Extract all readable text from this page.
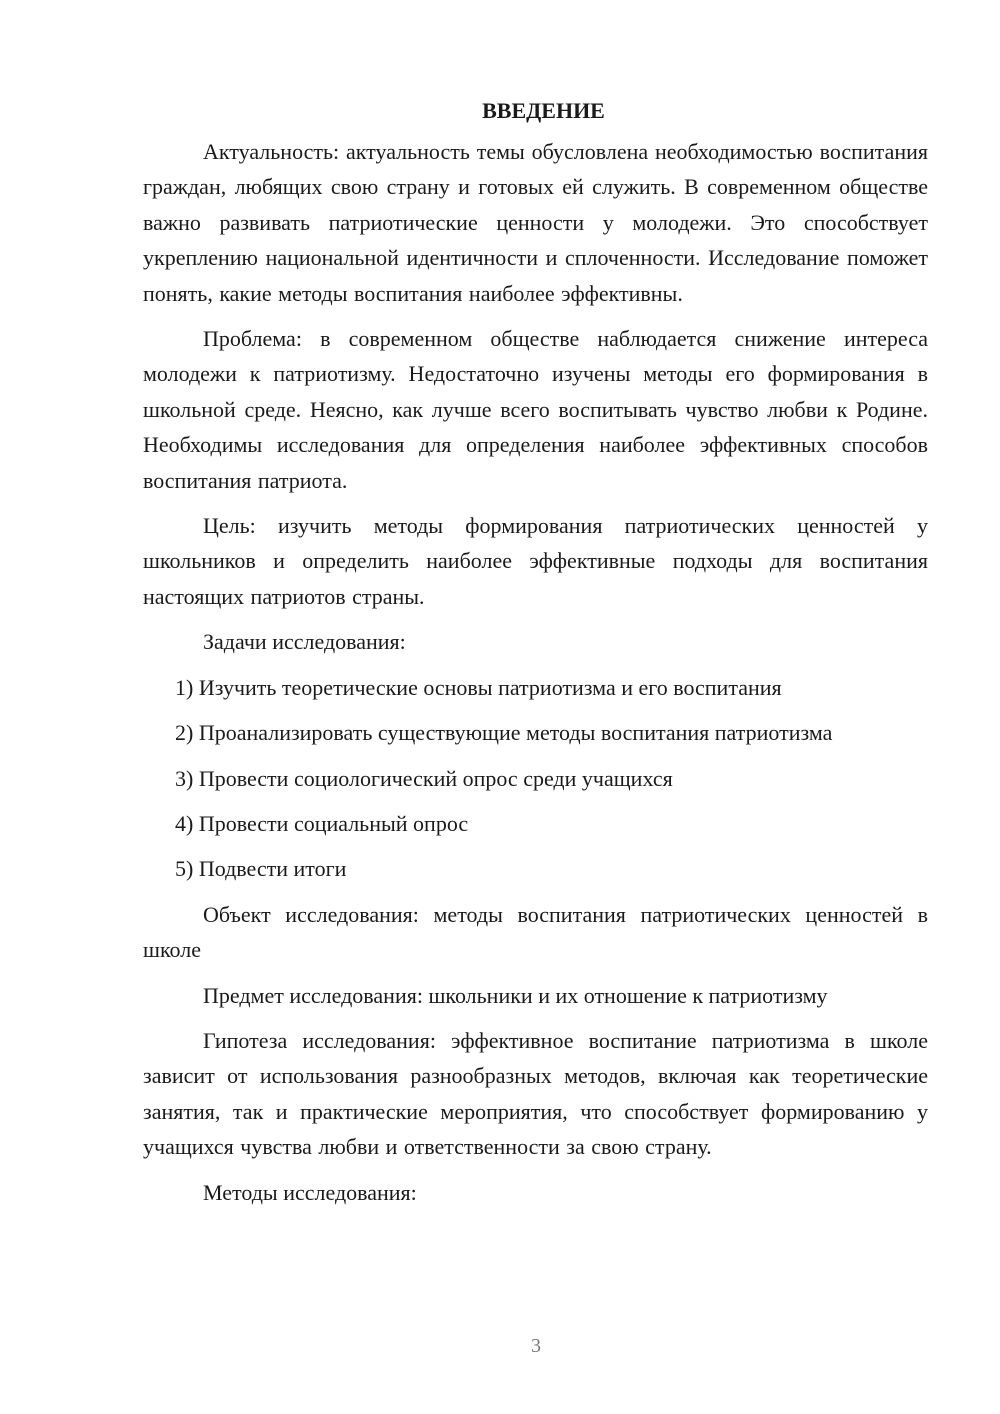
ВВЕДЕНИЕ

Актуальность: актуальность темы обусловлена необходимостью воспитания граждан, любящих свою страну и готовых ей служить. В современном обществе важно развивать патриотические ценности у молодежи. Это способствует укреплению национальной идентичности и сплоченности. Исследование поможет понять, какие методы воспитания наиболее эффективны.

Проблема: в современном обществе наблюдается снижение интереса молодежи к патриотизму. Недостаточно изучены методы его формирования в школьной среде. Неясно, как лучше всего воспитывать чувство любви к Родине. Необходимы исследования для определения наиболее эффективных способов воспитания патриота.

Цель: изучить методы формирования патриотических ценностей у школьников и определить наиболее эффективные подходы для воспитания настоящих патриотов страны.

Задачи исследования:

1) Изучить теоретические основы патриотизма и его воспитания

2) Проанализировать существующие методы воспитания патриотизма

3) Провести социологический опрос среди учащихся

4) Провести социальный опрос

5) Подвести итоги

Объект исследования: методы воспитания патриотических ценностей в школе

Предмет исследования: школьники и их отношение к патриотизму

Гипотеза исследования: эффективное воспитание патриотизма в школе зависит от использования разнообразных методов, включая как теоретические занятия, так и практические мероприятия, что способствует формированию у учащихся чувства любви и ответственности за свою страну.

Методы исследования:

3
